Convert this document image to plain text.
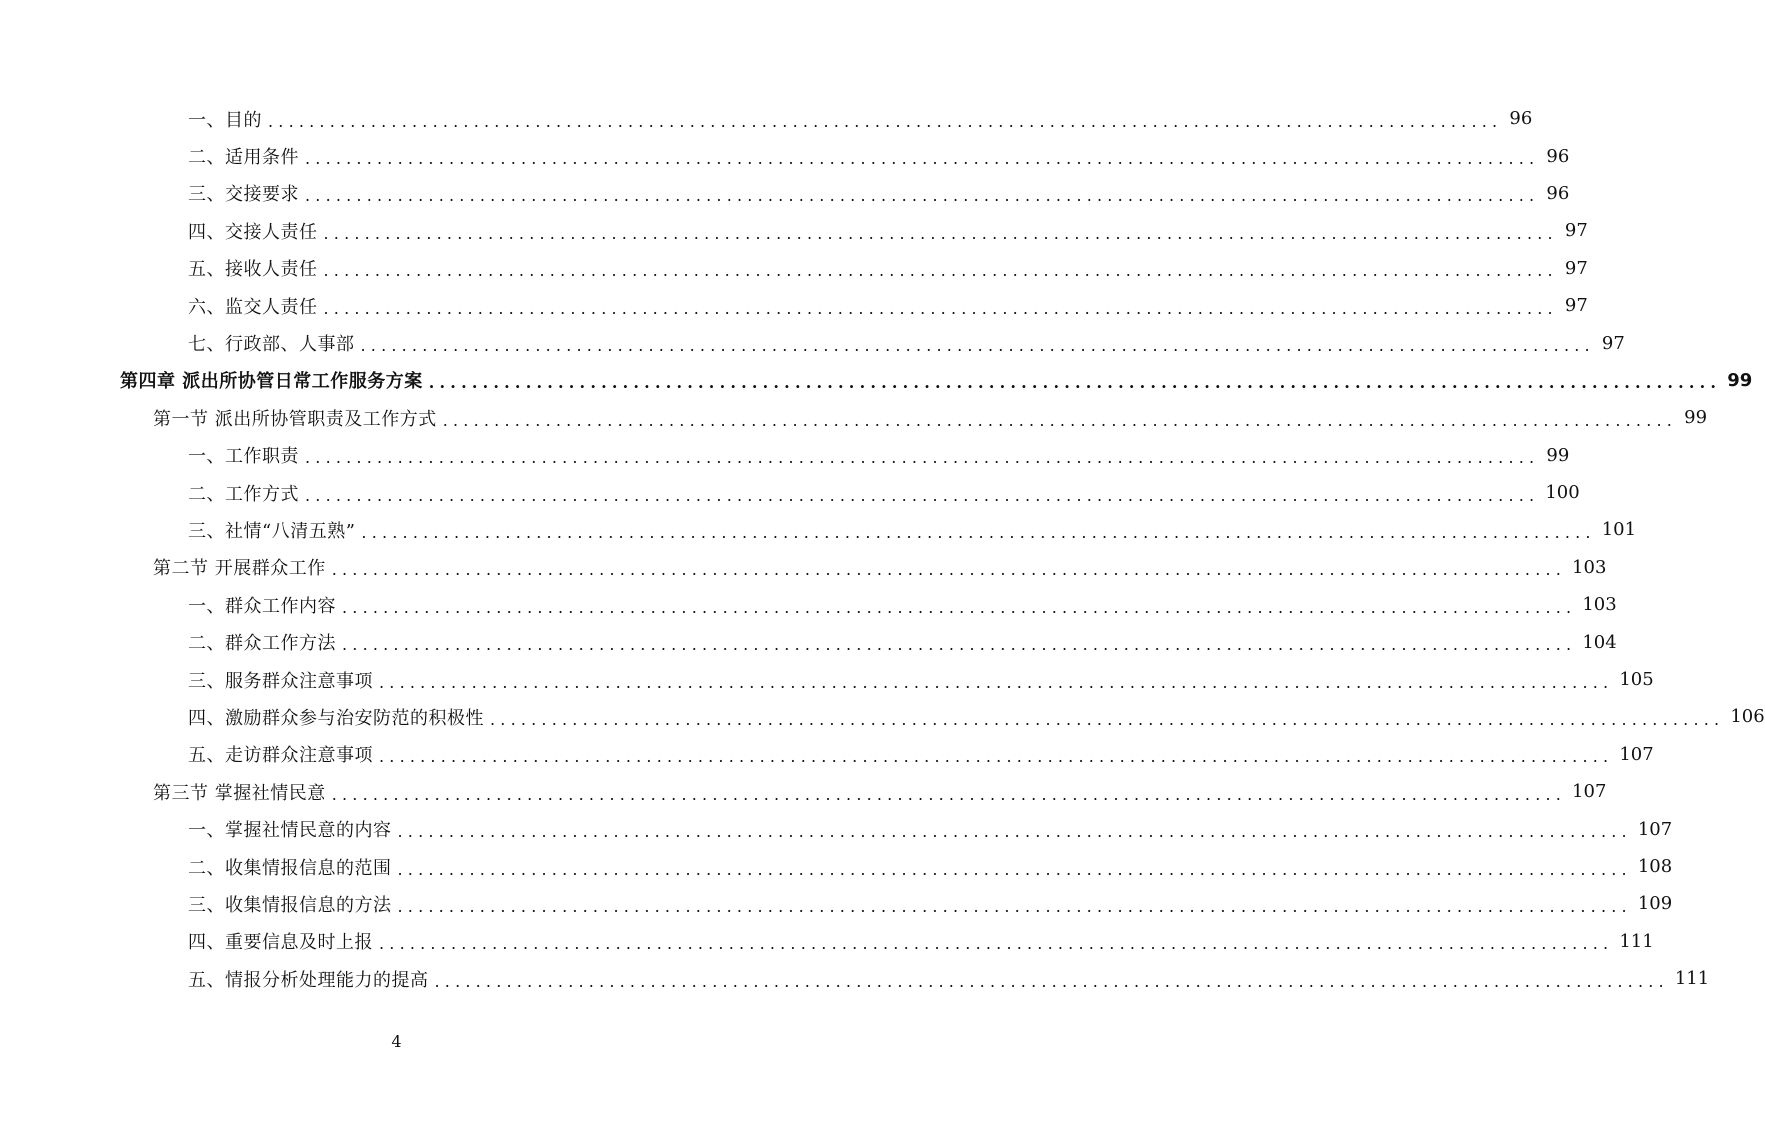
一、目的 ........................................................................................................................ 96
二、适用条件 ........................................................................................................................ 96
三、交接要求 ........................................................................................................................ 96
四、交接人责任 ........................................................................................................................ 97
五、接收人责任 ........................................................................................................................ 97
六、监交人责任 ........................................................................................................................ 97
七、行政部、人事部 ........................................................................................................................ 97
第四章 派出所协管日常工作服务方案 ........................................................................................................................ 99
第一节 派出所协管职责及工作方式 ........................................................................................................................ 99
一、工作职责 ........................................................................................................................ 99
二、工作方式 ........................................................................................................................ 100
三、社情“八清五熟” ........................................................................................................................ 101
第二节 开展群众工作 ........................................................................................................................ 103
一、群众工作内容 ........................................................................................................................ 103
二、群众工作方法 ........................................................................................................................ 104
三、服务群众注意事项 ........................................................................................................................ 105
四、激励群众参与治安防范的积极性 ........................................................................................................................ 106
五、走访群众注意事项 ........................................................................................................................ 107
第三节 掌握社情民意 ........................................................................................................................ 107
一、掌握社情民意的内容 ........................................................................................................................ 107
二、收集情报信息的范围 ........................................................................................................................ 108
三、收集情报信息的方法 ........................................................................................................................ 109
四、重要信息及时上报 ........................................................................................................................ 111
五、情报分析处理能力的提高 ........................................................................................................................ 111
4
